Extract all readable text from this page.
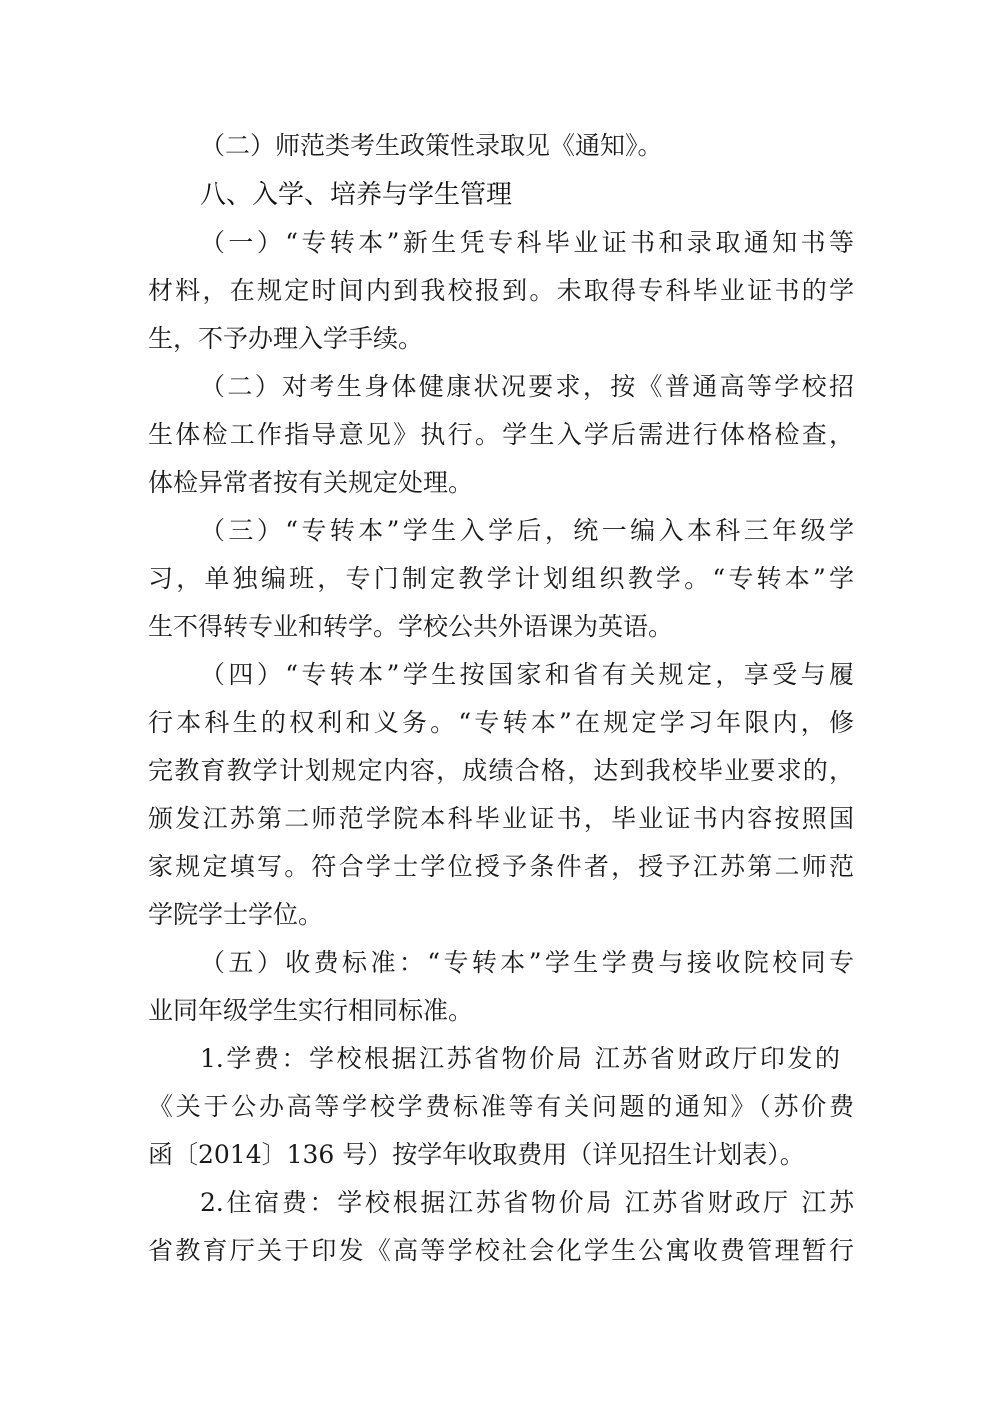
（二）师范类考生政策性录取见《通知》。
八、入学、培养与学生管理
（一）“专转本”新生凭专科毕业证书和录取通知书等
材料，在规定时间内到我校报到。未取得专科毕业证书的学
生，不予办理入学手续。
（二）对考生身体健康状况要求，按《普通高等学校招
生体检工作指导意见》执行。学生入学后需进行体格检查，
体检异常者按有关规定处理。
（三）“专转本”学生入学后，统一编入本科三年级学
习，单独编班，专门制定教学计划组织教学。“专转本”学
生不得转专业和转学。学校公共外语课为英语。
（四）“专转本”学生按国家和省有关规定，享受与履
行本科生的权利和义务。“专转本”在规定学习年限内，修
完教育教学计划规定内容，成绩合格，达到我校毕业要求的，
颁发江苏第二师范学院本科毕业证书，毕业证书内容按照国
家规定填写。符合学士学位授予条件者，授予江苏第二师范
学院学士学位。
（五）收费标准：“专转本”学生学费与接收院校同专
业同年级学生实行相同标准。
1.学费：学校根据江苏省物价局 江苏省财政厅印发的
《关于公办高等学校学费标准等有关问题的通知》（苏价费
函〔2014〕136 号）按学年收取费用（详见招生计划表）。
2.住宿费：学校根据江苏省物价局 江苏省财政厅 江苏
省教育厅关于印发《高等学校社会化学生公寓收费管理暂行
